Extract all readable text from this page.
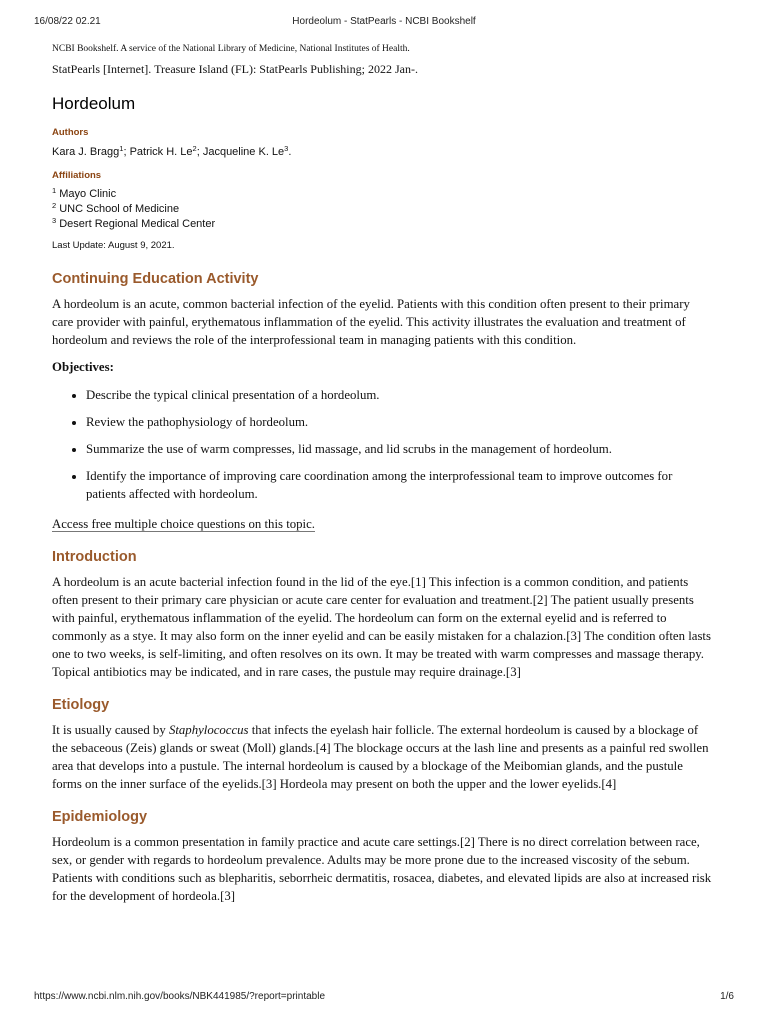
16/08/22 02.21	Hordeolum - StatPearls - NCBI Bookshelf

NCBI Bookshelf. A service of the National Library of Medicine, National Institutes of Health.

StatPearls [Internet]. Treasure Island (FL): StatPearls Publishing; 2022 Jan-.

Hordeolum
Authors
Kara J. Bragg$^1$; Patrick H. Le$^2$; Jacqueline K. Le$^3$.
Affiliations
$^1$ Mayo Clinic
$^2$ UNC School of Medicine
$^3$ Desert Regional Medical Center

Last Update: August 9, 2021.

Continuing Education Activity

A hordeolum is an acute, common bacterial infection of the eyelid. Patients with this condition often present to their primary care provider with painful, erythematous inflammation of the eyelid. This activity illustrates the evaluation and treatment of hordeolum and reviews the role of the interprofessional team in managing patients with this condition.

Objectives:

• Describe the typical clinical presentation of a hordeolum.
• Review the pathophysiology of hordeolum.
• Summarize the use of warm compresses, lid massage, and lid scrubs in the management of hordeolum.
• Identify the importance of improving care coordination among the interprofessional team to improve outcomes for patients affected with hordeolum.

Access free multiple choice questions on this topic.

Introduction

A hordeolum is an acute bacterial infection found in the lid of the eye.[1] This infection is a common condition, and patients often present to their primary care physician or acute care center for evaluation and treatment.[2] The patient usually presents with painful, erythematous inflammation of the eyelid. The hordeolum can form on the external eyelid and is referred to commonly as a stye. It may also form on the inner eyelid and can be easily mistaken for a chalazion.[3] The condition often lasts one to two weeks, is self-limiting, and often resolves on its own. It may be treated with warm compresses and massage therapy. Topical antibiotics may be indicated, and in rare cases, the pustule may require drainage.[3]

Etiology

It is usually caused by Staphylococcus that infects the eyelash hair follicle. The external hordeolum is caused by a blockage of the sebaceous (Zeis) glands or sweat (Moll) glands.[4] The blockage occurs at the lash line and presents as a painful red swollen area that develops into a pustule. The internal hordeolum is caused by a blockage of the Meibomian glands, and the pustule forms on the inner surface of the eyelids.[3] Hordeola may present on both the upper and the lower eyelids.[4]

Epidemiology

Hordeolum is a common presentation in family practice and acute care settings.[2] There is no direct correlation between race, sex, or gender with regards to hordeolum prevalence. Adults may be more prone due to the increased viscosity of the sebum. Patients with conditions such as blepharitis, seborrheic dermatitis, rosacea, diabetes, and elevated lipids are also at increased risk for the development of hordeola.[3]

https://www.ncbi.nlm.nih.gov/books/NBK441985/?report=printable	1/6
